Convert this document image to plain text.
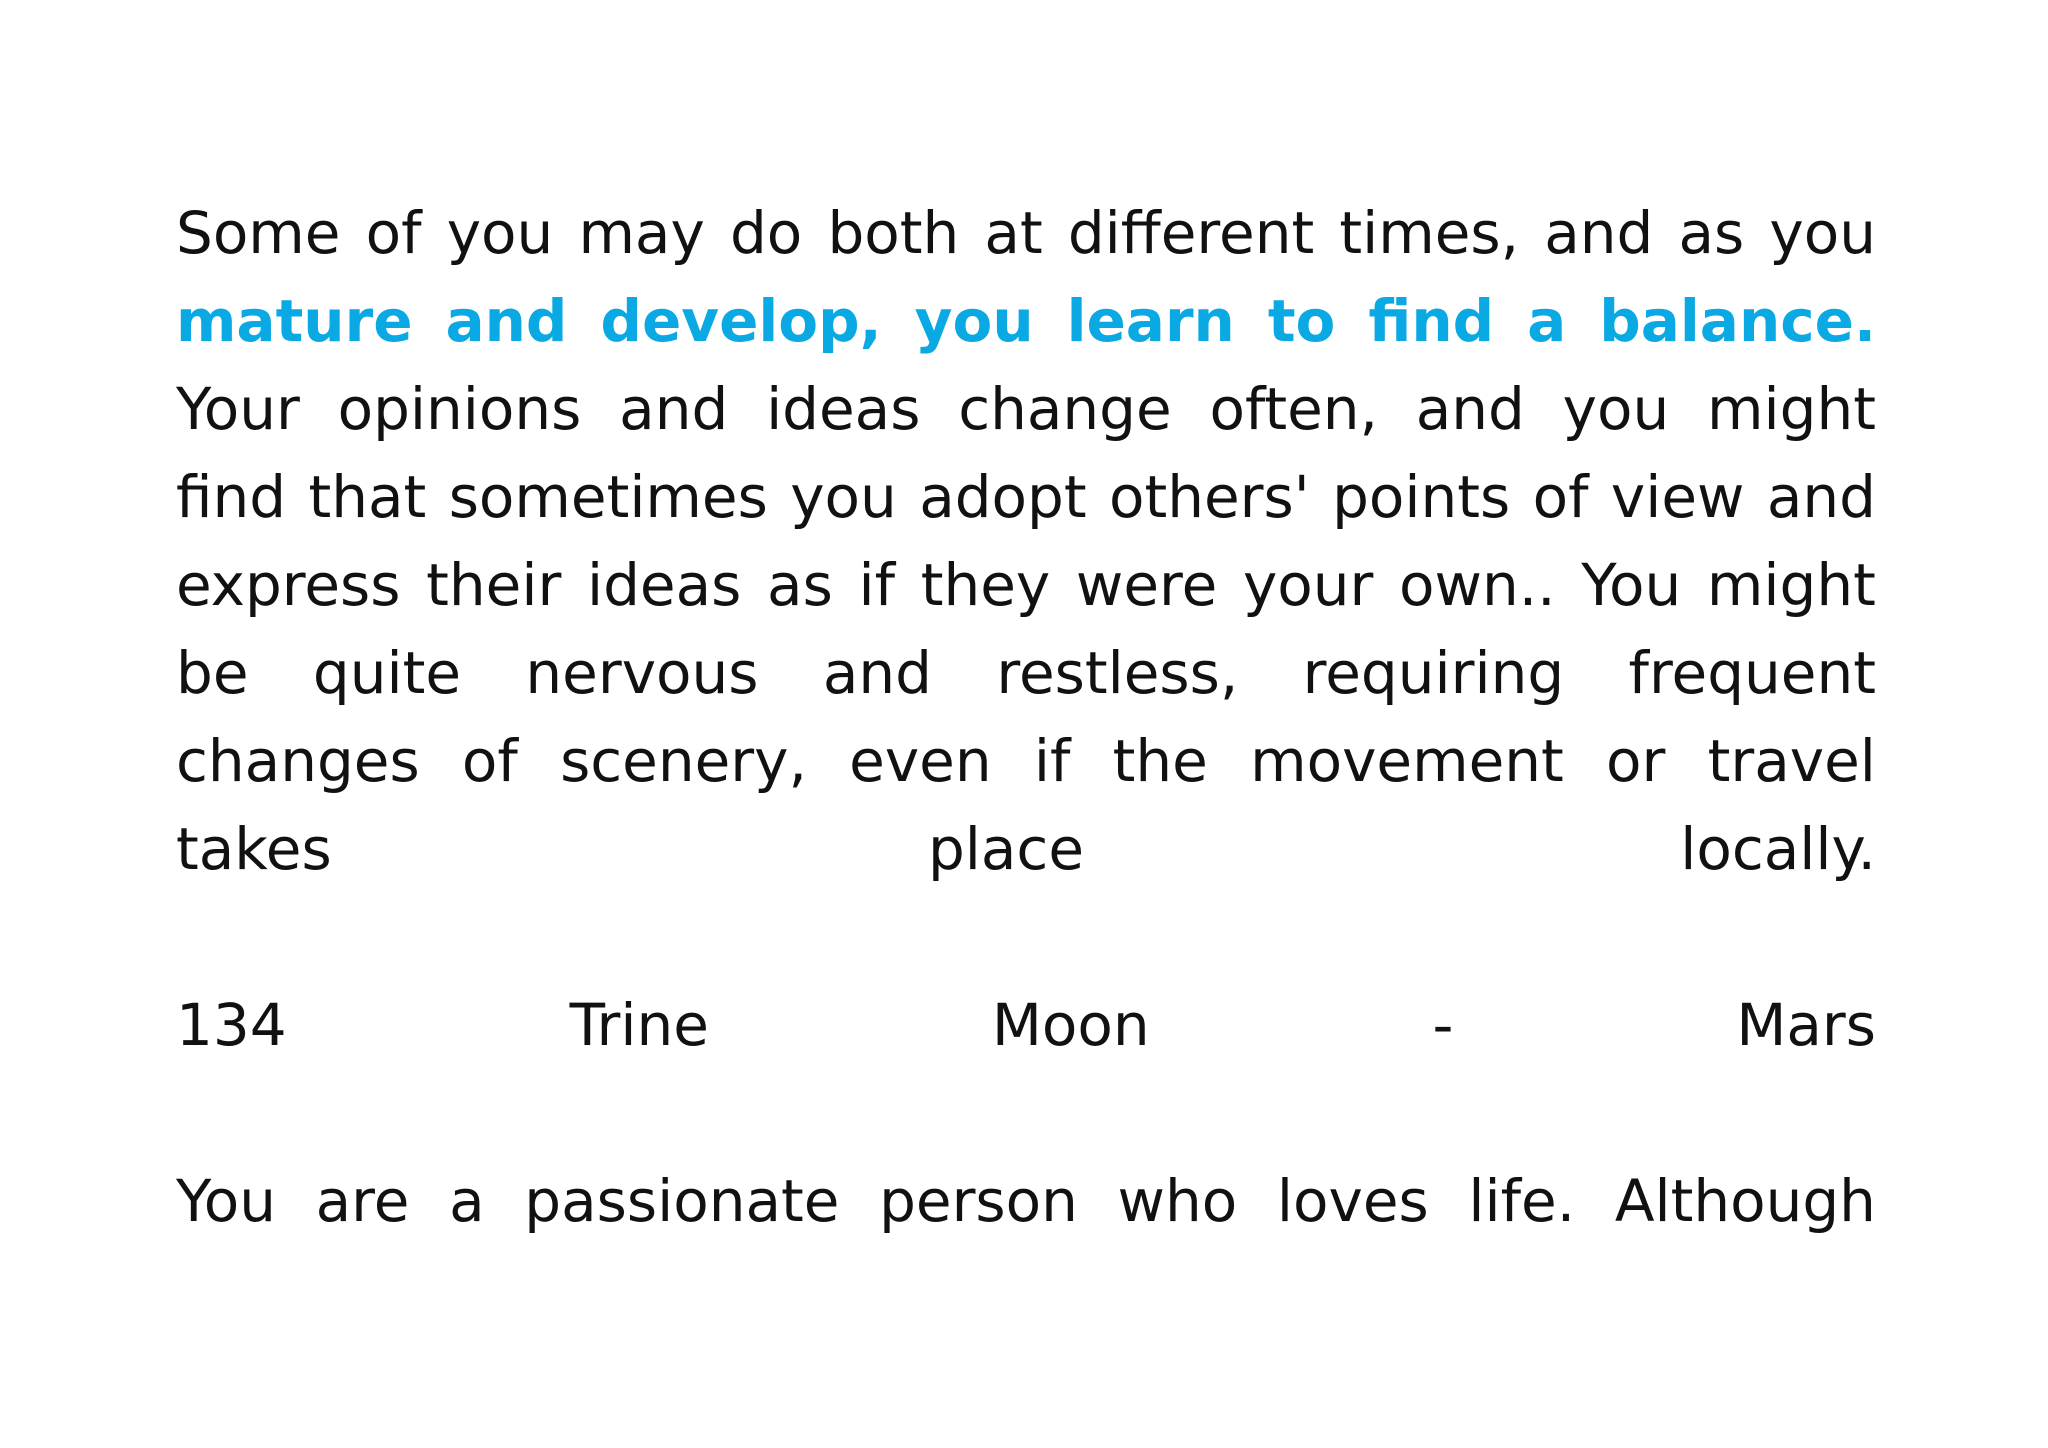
Some of you may do both at different times, and as you
mature and develop, you learn to find a balance.
Your opinions and ideas change often, and you might
find that sometimes you adopt others' points of view and
express their ideas as if they were your own.. You might
be quite nervous and restless, requiring frequent
changes of scenery, even if the movement or travel
takes	place	locally.
134	Trine	Moon	-	Mars
You are a passionate person who loves life. Although
